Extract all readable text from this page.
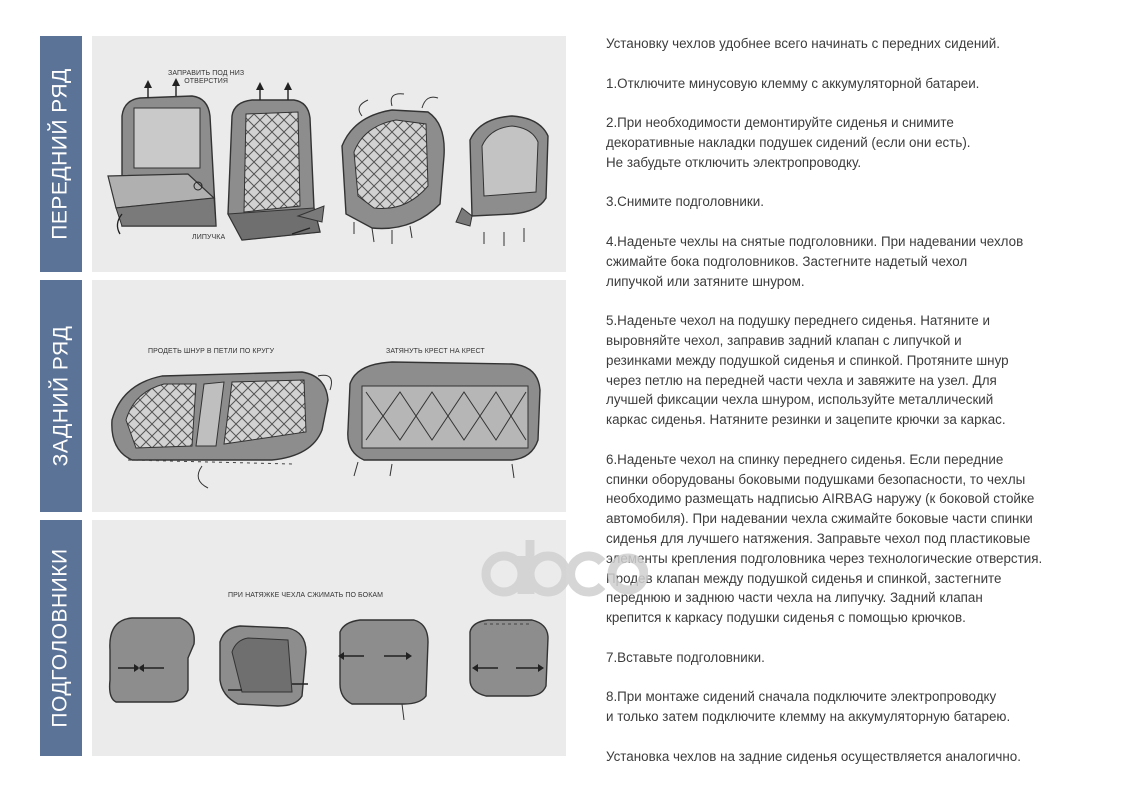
ПЕРЕДНИЙ РЯД
ЗАДНИЙ РЯД
ПОДГОЛОВНИКИ
ЗАПРАВИТЬ ПОД НИЗ
ОТВЕРСТИЯ
ЛИПУЧКА
ПРОДЕТЬ ШНУР В ПЕТЛИ ПО КРУГУ	ЗАТЯНУТЬ КРЕСТ НА КРЕСТ
ПРИ НАТЯЖКЕ ЧЕХЛА СЖИМАТЬ ПО БОКАМ

Установку чехлов удобнее всего начинать с передних сидений.

1.Отключите минусовую клемму с аккумуляторной батареи.

2.При необходимости демонтируйте сиденья и снимите
декоративные накладки подушек сидений (если они есть).
Не забудьте отключить электропроводку.

3.Снимите подголовники.

4.Наденьте чехлы на снятые подголовники. При надевании чехлов
сжимайте бока подголовников. Застегните надетый чехол
липучкой или затяните шнуром.

5.Наденьте чехол на подушку переднего сиденья. Натяните и
выровняйте чехол, заправив задний клапан с липучкой и
резинками между подушкой сиденья и спинкой. Протяните шнур
через петлю на передней части чехла и завяжите на узел. Для
лучшей фиксации чехла шнуром, используйте металлический
каркас сиденья. Натяните резинки и зацепите крючки за каркас.

6.Наденьте чехол на спинку переднего сиденья. Если передние
спинки оборудованы боковыми подушками безопасности, то чехлы
необходимо размещать надписью AIRBAG наружу (к боковой стойке
автомобиля). При надевании чехла сжимайте боковые части спинки
сиденья для лучшего натяжения. Заправьте чехол под пластиковые
элементы крепления подголовника через технологические отверстия.
Продев клапан между подушкой сиденья и спинкой, застегните
переднюю и заднюю части чехла на липучку. Задний клапан
крепится к каркасу подушки сиденья с помощью крючков.

7.Вставьте подголовники.

8.При монтаже сидений сначала подключите электропроводку
и только затем подключите клемму на аккумуляторную батарею.

Установка чехлов на задние сиденья осуществляется аналогично.
